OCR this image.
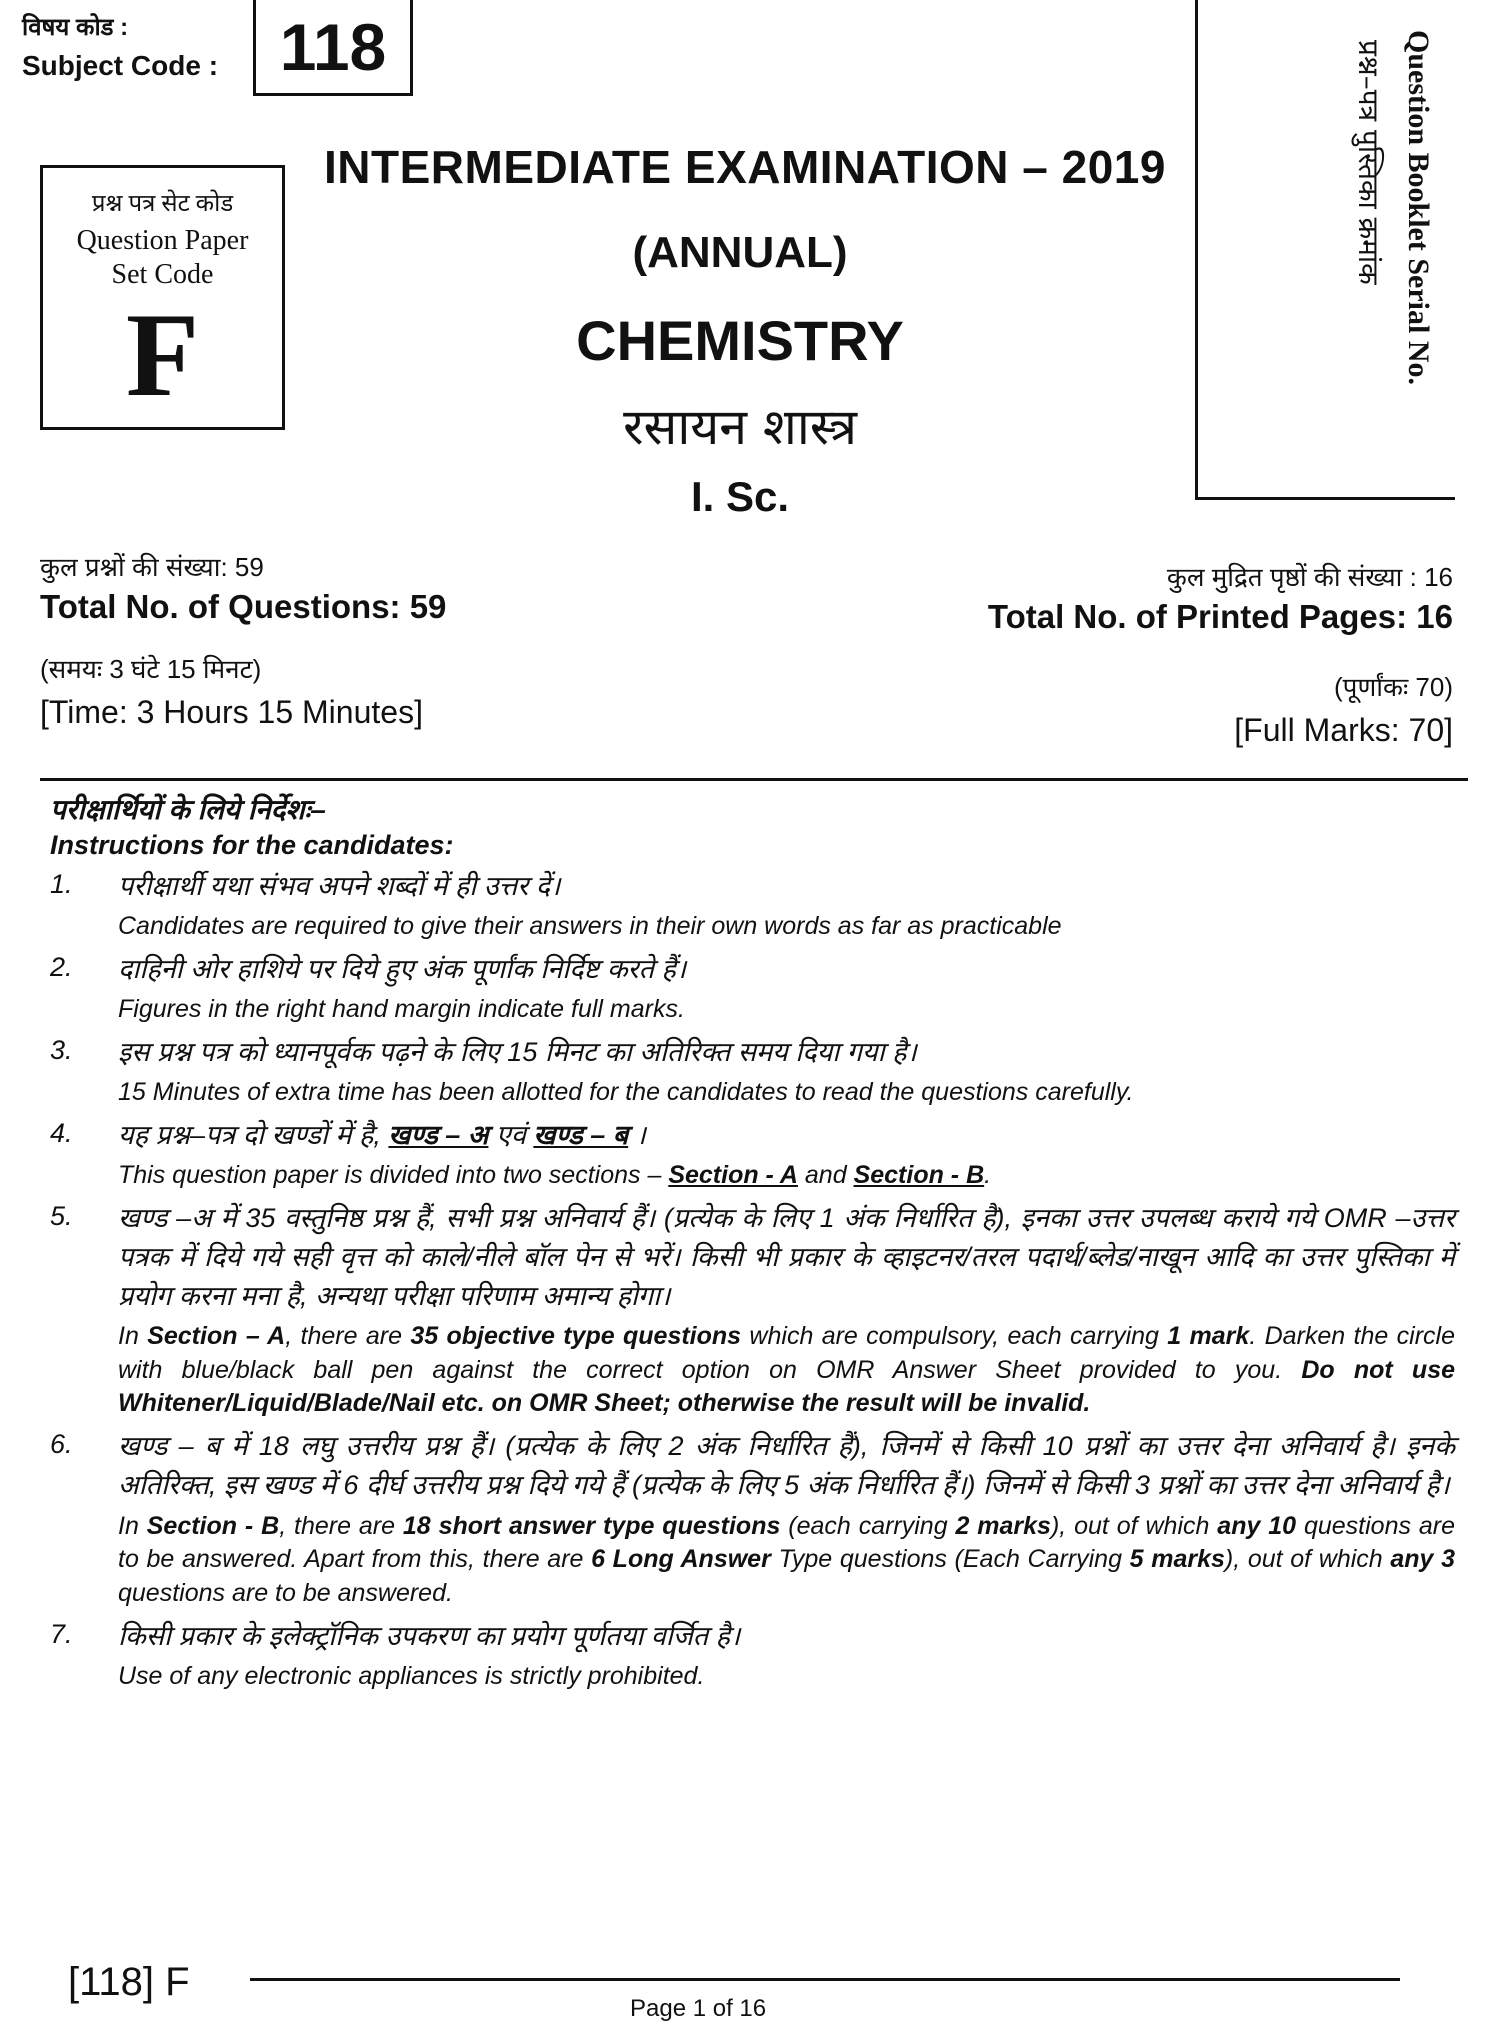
विषय कोड :
Subject Code : 118
प्रश्न पत्र सेट कोड
Question Paper
Set Code
F
INTERMEDIATE EXAMINATION – 2019
(ANNUAL)
CHEMISTRY
रसायन शास्त्र
I. Sc.
प्रश्न–पत्र पुस्तिका क्रमांक Question Booklet Serial No.
कुल प्रश्नों की संख्या: 59
Total No. of Questions: 59
कुल मुद्रित पृष्ठों की संख्या : 16
Total No. of Printed Pages: 16
(समयः 3 घंटे 15 मिनट)
[Time: 3 Hours 15 Minutes]
(पूर्णांकः 70)
[Full Marks: 70]
परीक्षार्थियों के लिये निर्देशः–
Instructions for the candidates:
1.	परीक्षार्थी यथा संभव अपने शब्दों में ही उत्तर दें।
Candidates are required to give their answers in their own words as far as practicable
2.	दाहिनी ओर हाशिये पर दिये हुए अंक पूर्णांक निर्दिष्ट करते हैं।
Figures in the right hand margin indicate full marks.
3.	इस प्रश्न पत्र को ध्यानपूर्वक पढ़ने के लिए 15 मिनट का अतिरिक्त समय दिया गया है।
15 Minutes of extra time has been allotted for the candidates to read the questions carefully.
4.	यह प्रश्न–पत्र दो खण्डों में है, खण्ड – अ एवं खण्ड – ब ।
This question paper is divided into two sections – Section - A and Section - B.
5.	खण्ड –अ में 35 वस्तुनिष्ठ प्रश्न हैं, सभी प्रश्न अनिवार्य हैं। (प्रत्येक के लिए 1 अंक निर्धारित है), इनका उत्तर उपलब्ध कराये गये OMR –उत्तर पत्रक में दिये गये सही वृत्त को काले/नीले बॉल पेन से भरें। किसी भी प्रकार के व्हाइटनर/तरल पदार्थ/ब्लेड/नाखून आदि का उत्तर पुस्तिका में प्रयोग करना मना है, अन्यथा परीक्षा परिणाम अमान्य होगा।
In Section – A, there are 35 objective type questions which are compulsory, each carrying 1 mark. Darken the circle with blue/black ball pen against the correct option on OMR Answer Sheet provided to you. Do not use Whitener/Liquid/Blade/Nail etc. on OMR Sheet; otherwise the result will be invalid.
6.	खण्ड – ब में 18 लघु उत्तरीय प्रश्न हैं। (प्रत्येक के लिए 2 अंक निर्धारित हैं), जिनमें से किसी 10 प्रश्नों का उत्तर देना अनिवार्य है। इनके अतिरिक्त, इस खण्ड में 6 दीर्घ उत्तरीय प्रश्न दिये गये हैं (प्रत्येक के लिए 5 अंक निर्धारित हैं।) जिनमें से किसी 3 प्रश्नों का उत्तर देना अनिवार्य है।
In Section - B, there are 18 short answer type questions (each carrying 2 marks), out of which any 10 questions are to be answered. Apart from this, there are 6 Long Answer Type questions (Each Carrying 5 marks), out of which any 3 questions are to be answered.
7.	किसी प्रकार के इलेक्ट्रॉनिक उपकरण का प्रयोग पूर्णतया वर्जित है।
Use of any electronic appliances is strictly prohibited.
[118] F
Page 1 of 16
